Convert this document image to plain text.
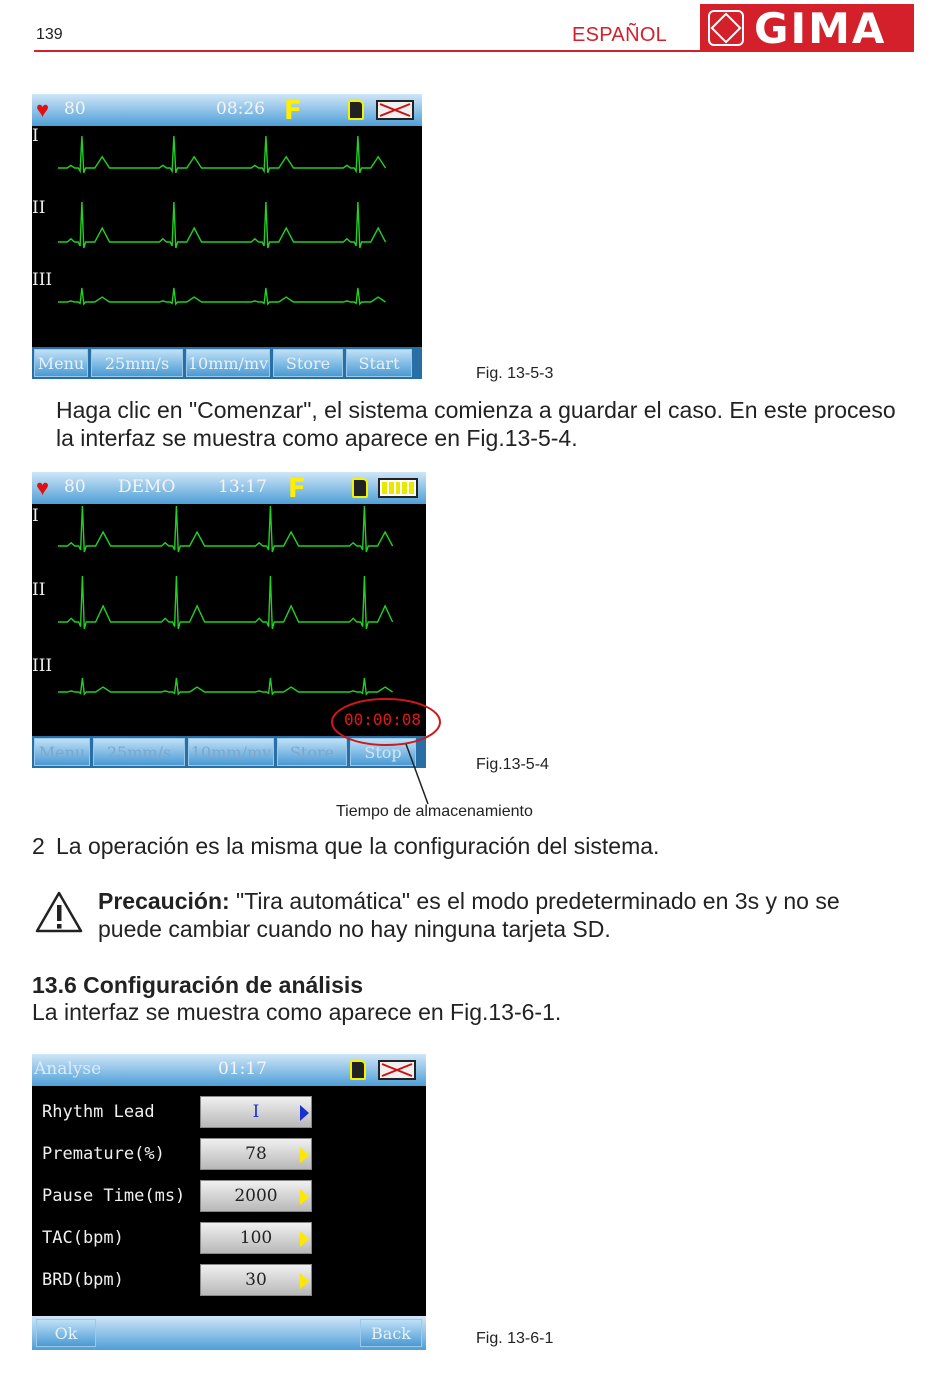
139	ESPAÑOL GIMA
♥ 80	08:26 F
I
II
III
Menu	25mm/s	10mm/mv	Store	Start
Fig. 13-5-3
Haga clic en "Comenzar", el sistema comienza a guardar el caso. En este proceso la interfaz se muestra como aparece en Fig.13-5-4.
♥ 80 DEMO	13:17 F
I
II
III
00:00:08
Menu	25mm/s	10mm/mv	Store	Stop
Fig.13-5-4
Tiempo de almacenamiento
2 La operación es la misma que la configuración del sistema.
Precaución: "Tira automática" es el modo predeterminado en 3s y no se puede cambiar cuando no hay ninguna tarjeta SD.
13.6 Configuración de análisis
La interfaz se muestra como aparece en Fig.13-6-1.
Analyse	01:17
Rhythm Lead	I
Premature(%)	78
Pause Time(ms)	2000
TAC(bpm)	100
BRD(bpm)	30
Ok	Back	Fig. 13-6-1
